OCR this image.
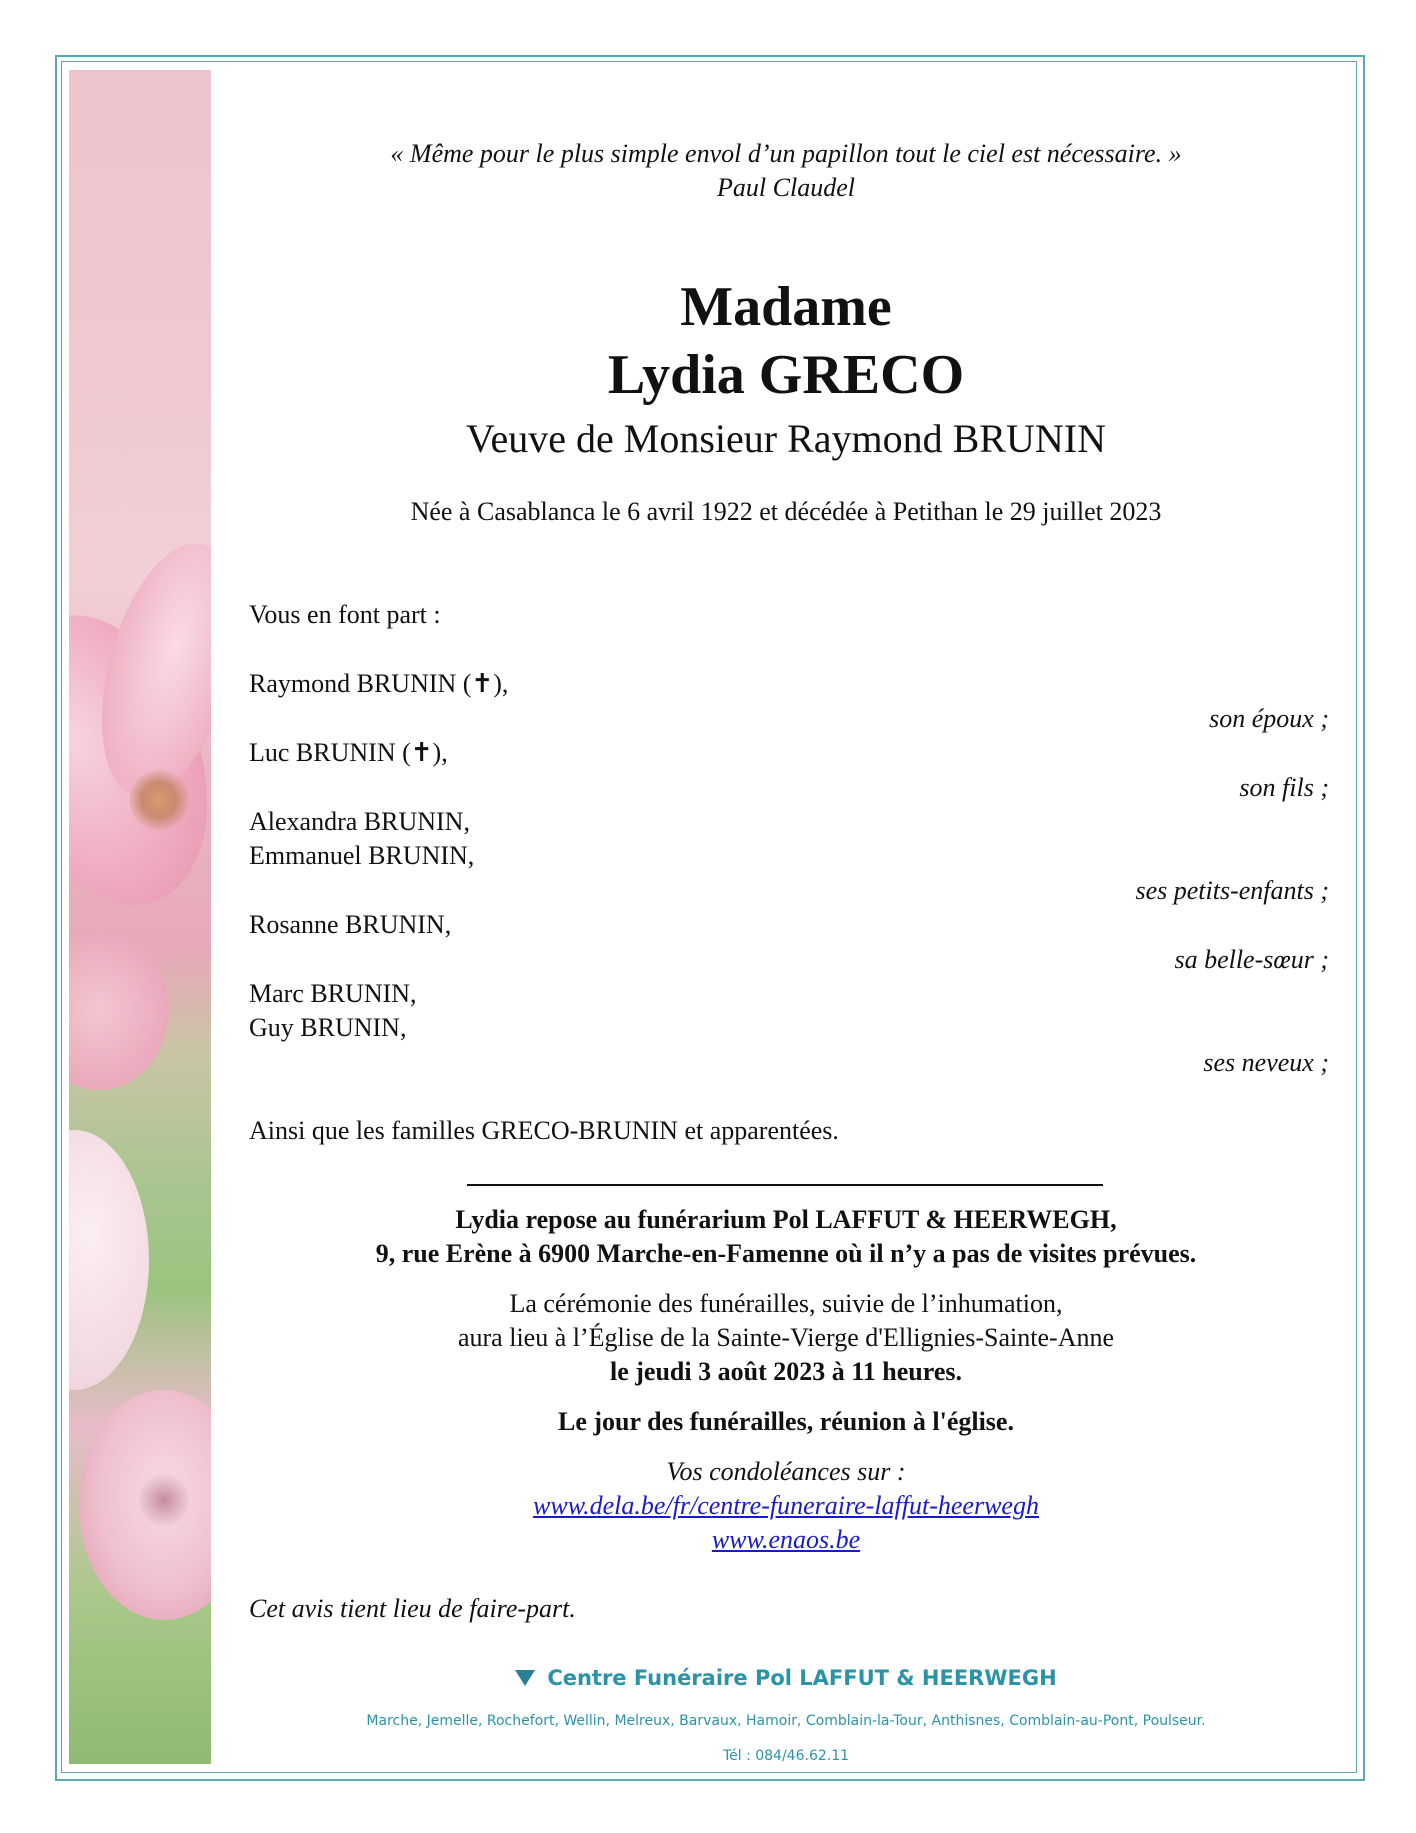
« Même pour le plus simple envol d’un papillon tout le ciel est nécessaire. »
Paul Claudel
Madame
Lydia GRECO
Veuve de Monsieur Raymond BRUNIN
Née à Casablanca le 6 avril 1922 et décédée à Petithan le 29 juillet 2023
Vous en font part :
Raymond BRUNIN (✝),
son époux ;
Luc BRUNIN (✝),
son fils ;
Alexandra BRUNIN,
Emmanuel BRUNIN,
ses petits-enfants ;
Rosanne BRUNIN,
sa belle-sœur ;
Marc BRUNIN,
Guy BRUNIN,
ses neveux ;
Ainsi que les familles GRECO-BRUNIN et apparentées.
Lydia repose au funérarium Pol LAFFUT & HEERWEGH,
9, rue Erène à 6900 Marche-en-Famenne où il n’y a pas de visites prévues.
La cérémonie des funérailles, suivie de l’inhumation,
aura lieu à l’Église de la Sainte-Vierge d'Ellignies-Sainte-Anne
le jeudi 3 août 2023 à 11 heures.
Le jour des funérailles, réunion à l'église.
Vos condoléances sur :
www.dela.be/fr/centre-funeraire-laffut-heerwegh
www.enaos.be
Cet avis tient lieu de faire-part.
Centre Funéraire Pol LAFFUT & HEERWEGH
Marche, Jemelle, Rochefort, Wellin, Melreux, Barvaux, Hamoir, Comblain-la-Tour, Anthisnes, Comblain-au-Pont, Poulseur.
Tél : 084/46.62.11
